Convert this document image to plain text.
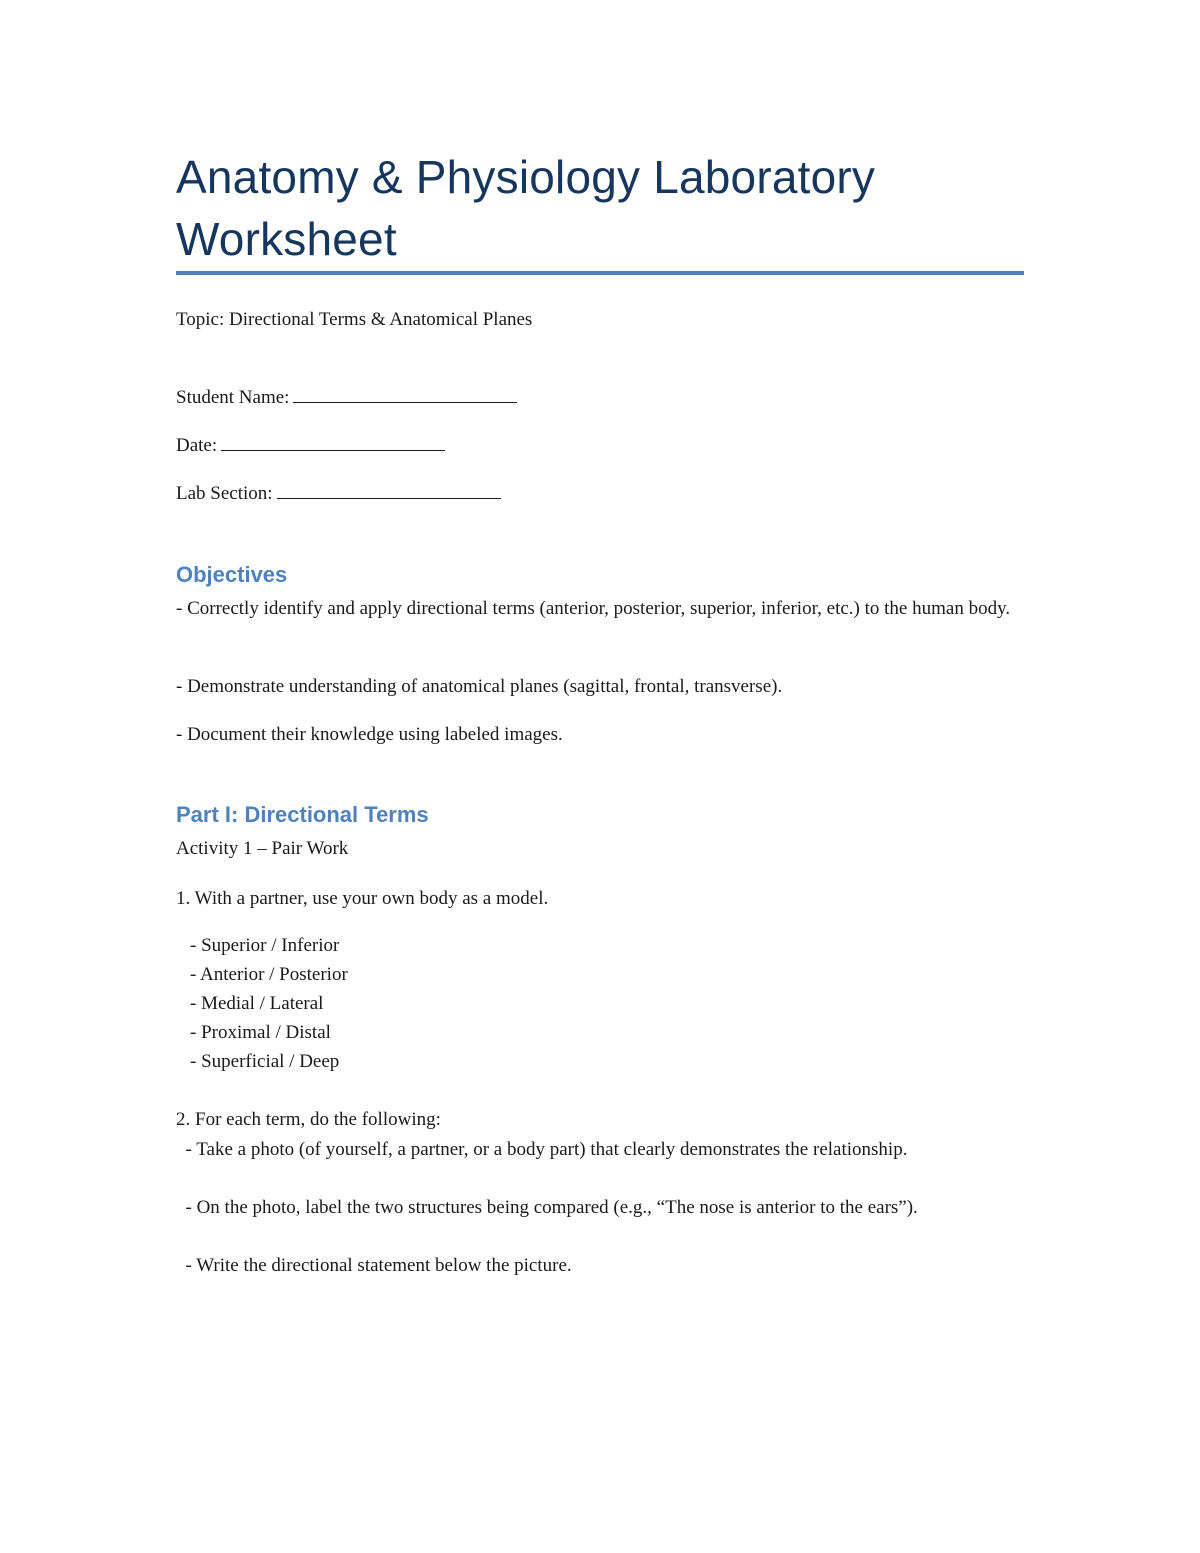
Anatomy & Physiology Laboratory
Worksheet
Topic: Directional Terms & Anatomical Planes
Student Name:
Date:
Lab Section:
Objectives
- Correctly identify and apply directional terms (anterior, posterior, superior, inferior, etc.) to the human body.
- Demonstrate understanding of anatomical planes (sagittal, frontal, transverse).
- Document their knowledge using labeled images.
Part I: Directional Terms
Activity 1 – Pair Work
1. With a partner, use your own body as a model.
- Superior / Inferior
- Anterior / Posterior
- Medial / Lateral
- Proximal / Distal
- Superficial / Deep
2. For each term, do the following:
- Take a photo (of yourself, a partner, or a body part) that clearly demonstrates the relationship.
- On the photo, label the two structures being compared (e.g., “The nose is anterior to the ears”).
- Write the directional statement below the picture.
